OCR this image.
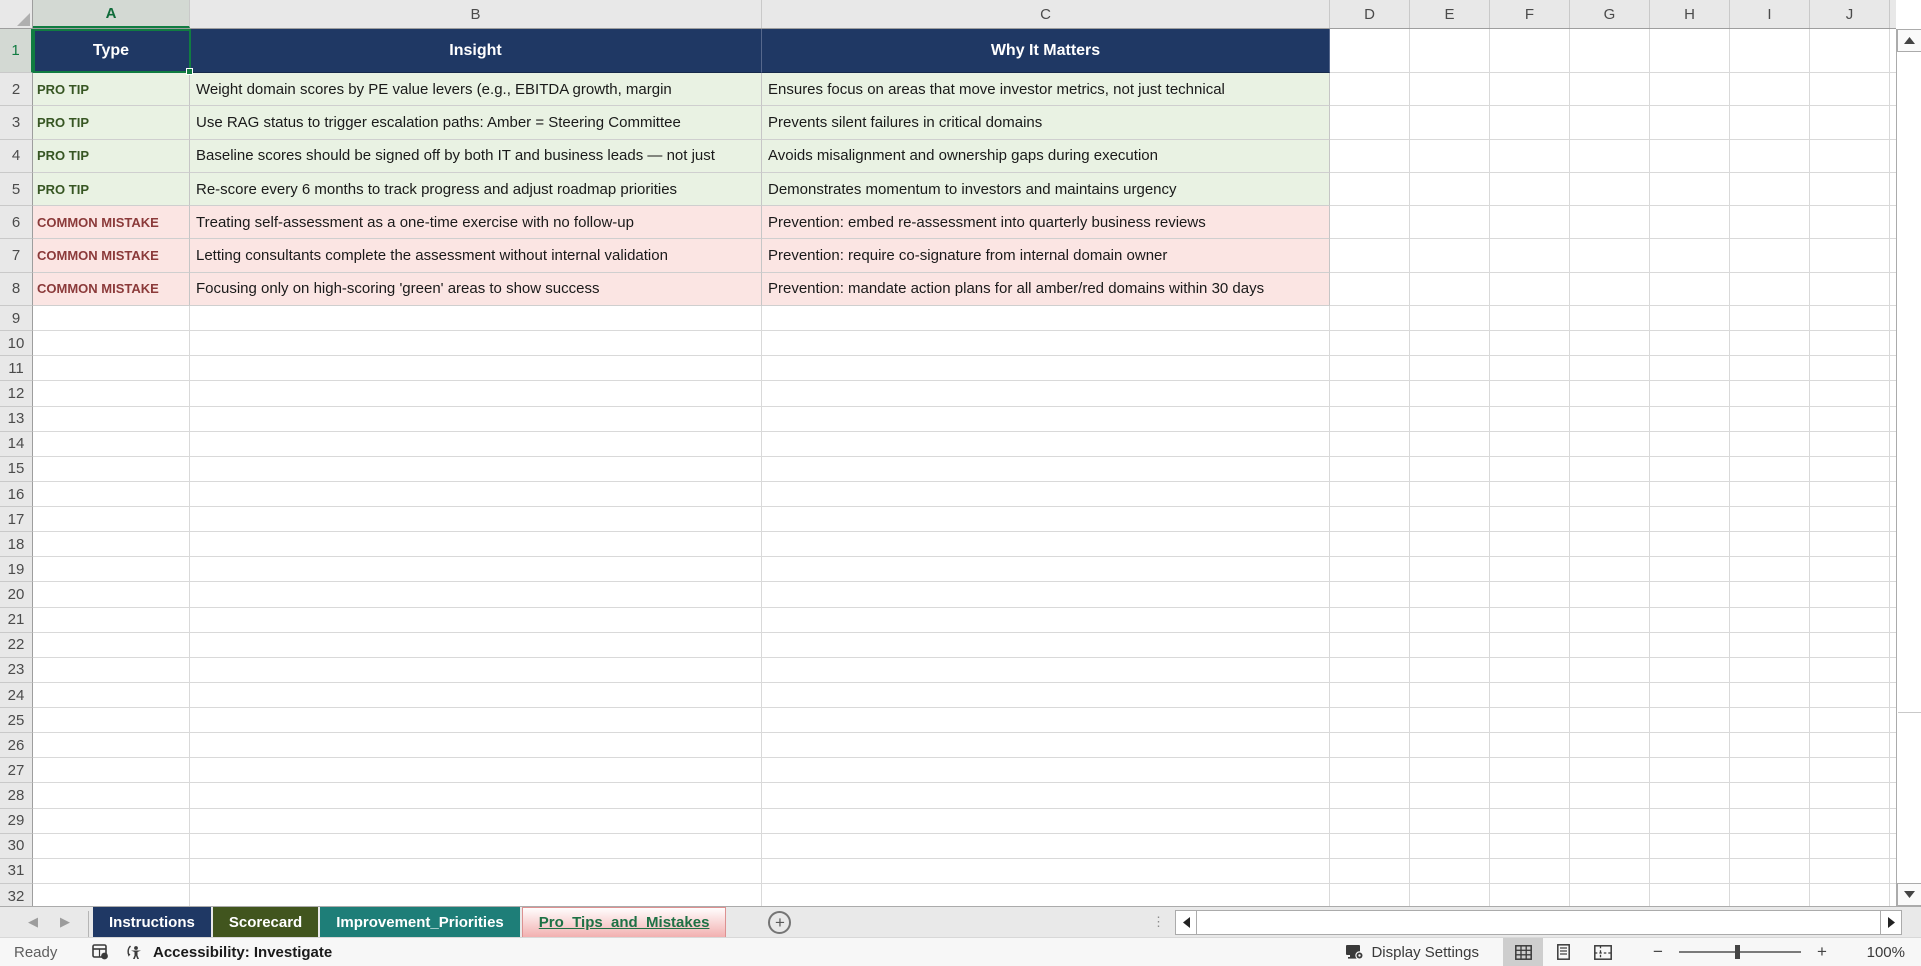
A	B	C	D	E	F	G	H	I	J
1	Type	Insight	Why It Matters
2	PRO TIP	Weight domain scores by PE value levers (e.g., EBITDA growth, margin	Ensures focus on areas that move investor metrics, not just technical
3	PRO TIP	Use RAG status to trigger escalation paths: Amber = Steering Committee	Prevents silent failures in critical domains
4	PRO TIP	Baseline scores should be signed off by both IT and business leads — not just	Avoids misalignment and ownership gaps during execution
5	PRO TIP	Re-score every 6 months to track progress and adjust roadmap priorities	Demonstrates momentum to investors and maintains urgency
6	COMMON MISTAKE	Treating self-assessment as a one-time exercise with no follow-up	Prevention: embed re-assessment into quarterly business reviews
7	COMMON MISTAKE	Letting consultants complete the assessment without internal validation	Prevention: require co-signature from internal domain owner
8	COMMON MISTAKE	Focusing only on high-scoring 'green' areas to show success	Prevention: mandate action plans for all amber/red domains within 30 days
9
10
11
12
13
14
15
16
17
18
19
20
21
22
23
24
25
26
27
28
29
30
31
32
◀ ▶	Instructions	Scorecard	Improvement_Priorities	Pro_Tips_and_Mistakes	+	⋮
Ready	Accessibility: Investigate	Display Settings	−	+	100%
